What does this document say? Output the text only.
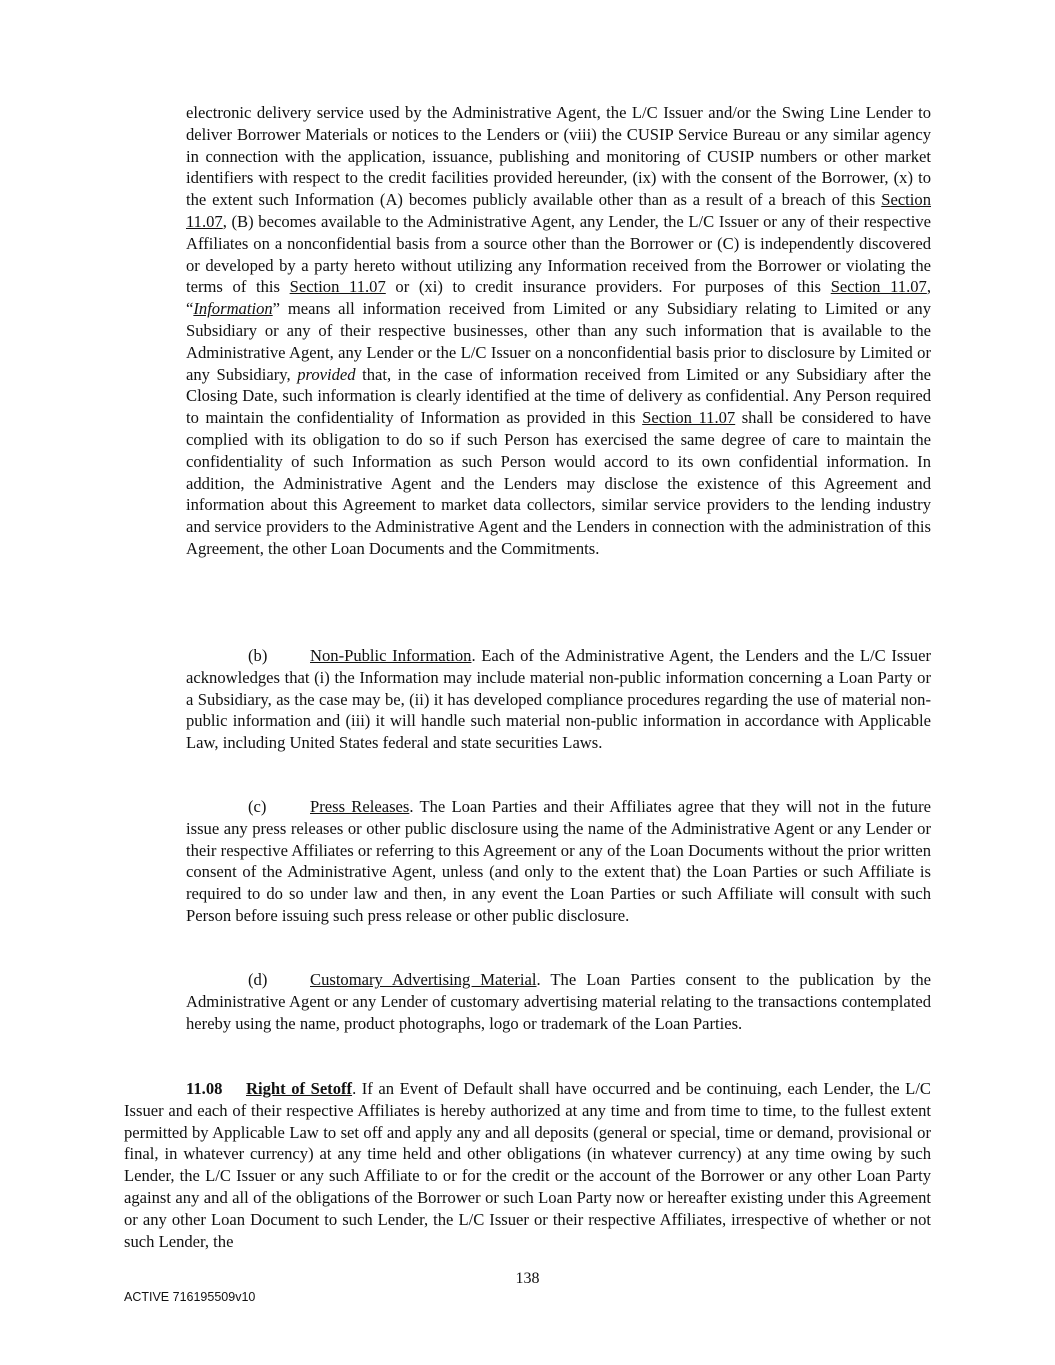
electronic delivery service used by the Administrative Agent, the L/C Issuer and/or the Swing Line Lender to deliver Borrower Materials or notices to the Lenders or (viii) the CUSIP Service Bureau or any similar agency in connection with the application, issuance, publishing and monitoring of CUSIP numbers or other market identifiers with respect to the credit facilities provided hereunder, (ix) with the consent of the Borrower, (x) to the extent such Information (A) becomes publicly available other than as a result of a breach of this Section 11.07, (B) becomes available to the Administrative Agent, any Lender, the L/C Issuer or any of their respective Affiliates on a nonconfidential basis from a source other than the Borrower or (C) is independently discovered or developed by a party hereto without utilizing any Information received from the Borrower or violating the terms of this Section 11.07 or (xi) to credit insurance providers. For purposes of this Section 11.07, “Information” means all information received from Limited or any Subsidiary relating to Limited or any Subsidiary or any of their respective businesses, other than any such information that is available to the Administrative Agent, any Lender or the L/C Issuer on a nonconfidential basis prior to disclosure by Limited or any Subsidiary, provided that, in the case of information received from Limited or any Subsidiary after the Closing Date, such information is clearly identified at the time of delivery as confidential. Any Person required to maintain the confidentiality of Information as provided in this Section 11.07 shall be considered to have complied with its obligation to do so if such Person has exercised the same degree of care to maintain the confidentiality of such Information as such Person would accord to its own confidential information. In addition, the Administrative Agent and the Lenders may disclose the existence of this Agreement and information about this Agreement to market data collectors, similar service providers to the lending industry and service providers to the Administrative Agent and the Lenders in connection with the administration of this Agreement, the other Loan Documents and the Commitments.

(b)	Non-Public Information. Each of the Administrative Agent, the Lenders and the L/C Issuer acknowledges that (i) the Information may include material non-public information concerning a Loan Party or a Subsidiary, as the case may be, (ii) it has developed compliance procedures regarding the use of material non-public information and (iii) it will handle such material non-public information in accordance with Applicable Law, including United States federal and state securities Laws.

(c)	Press Releases. The Loan Parties and their Affiliates agree that they will not in the future issue any press releases or other public disclosure using the name of the Administrative Agent or any Lender or their respective Affiliates or referring to this Agreement or any of the Loan Documents without the prior written consent of the Administrative Agent, unless (and only to the extent that) the Loan Parties or such Affiliate is required to do so under law and then, in any event the Loan Parties or such Affiliate will consult with such Person before issuing such press release or other public disclosure.

(d)	Customary Advertising Material. The Loan Parties consent to the publication by the Administrative Agent or any Lender of customary advertising material relating to the transactions contemplated hereby using the name, product photographs, logo or trademark of the Loan Parties.

11.08 Right of Setoff. If an Event of Default shall have occurred and be continuing, each Lender, the L/C Issuer and each of their respective Affiliates is hereby authorized at any time and from time to time, to the fullest extent permitted by Applicable Law to set off and apply any and all deposits (general or special, time or demand, provisional or final, in whatever currency) at any time held and other obligations (in whatever currency) at any time owing by such Lender, the L/C Issuer or any such Affiliate to or for the credit or the account of the Borrower or any other Loan Party against any and all of the obligations of the Borrower or such Loan Party now or hereafter existing under this Agreement or any other Loan Document to such Lender, the L/C Issuer or their respective Affiliates, irrespective of whether or not such Lender, the

138
ACTIVE 716195509v10
